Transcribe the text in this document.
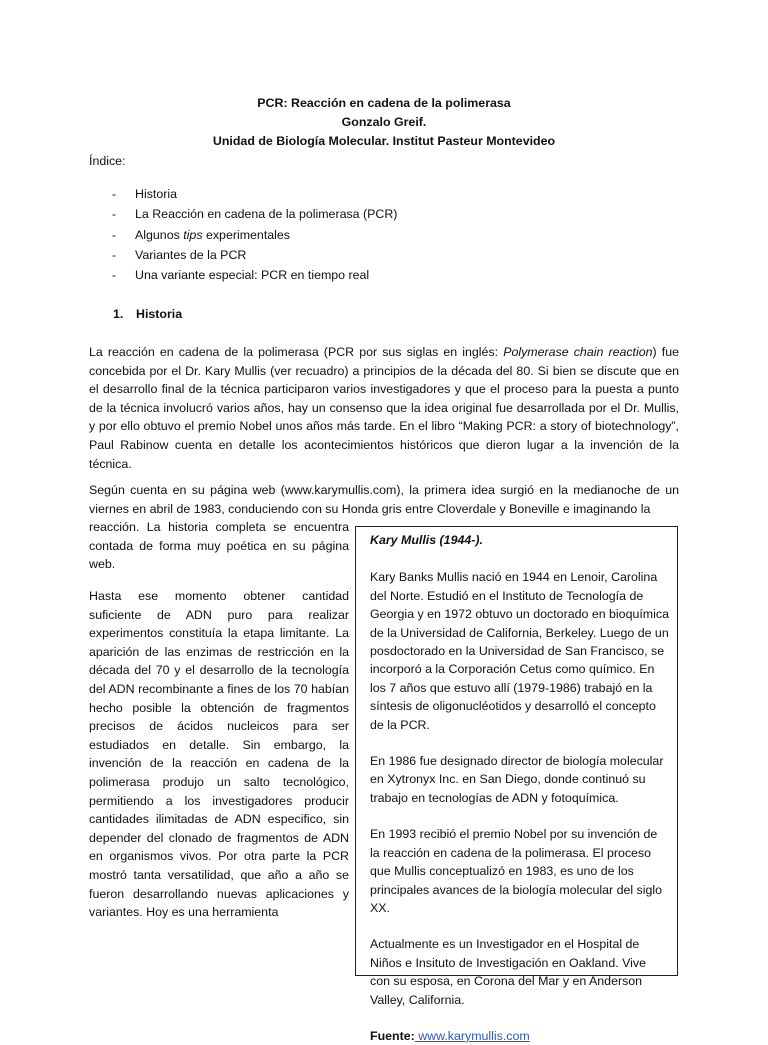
PCR: Reacción en cadena de la polimerasa
Gonzalo Greif.
Unidad de Biología Molecular. Institut Pasteur Montevideo
Índice:
- Historia
- La Reacción en cadena de la polimerasa (PCR)
- Algunos tips experimentales
- Variantes de la PCR
- Una variante especial: PCR en tiempo real
1. Historia

La reacción en cadena de la polimerasa (PCR por sus siglas en inglés: Polymerase chain reaction) fue concebida por el Dr. Kary Mullis (ver recuadro) a principios de la década del 80. Si bien se discute que en el desarrollo final de la técnica participaron varios investigadores y que el proceso para la puesta a punto de la técnica involucró varios años, hay un consenso que la idea original fue desarrollada por el Dr. Mullis, y por ello obtuvo el premio Nobel unos años más tarde. En el libro “Making PCR: a story of biotechnology”, Paul Rabinow cuenta en detalle los acontecimientos históricos que dieron lugar a la invención de la técnica.

Según cuenta en su página web (www.karymullis.com), la primera idea surgió en la medianoche de un viernes en abril de 1983, conduciendo con su Honda gris entre Cloverdale y Boneville e imaginando la

reacción. La historia completa se encuentra contada de forma muy poética en su página web.

Hasta ese momento obtener cantidad suficiente de ADN puro para realizar experimentos constituía la etapa limitante. La aparición de las enzimas de restricción en la década del 70 y el desarrollo de la tecnología del ADN recombinante a fines de los 70 habían hecho posible la obtención de fragmentos precisos de ácidos nucleicos para ser estudiados en detalle. Sin embargo, la invención de la reacción en cadena de la polimerasa produjo un salto tecnológico, permitiendo a los investigadores producir cantidades ilimitadas de ADN especifico, sin depender del clonado de fragmentos de ADN en organismos vivos. Por otra parte la PCR mostró tanta versatilidad, que año a año se fueron desarrollando nuevas aplicaciones y variantes. Hoy es una herramienta

Kary Mullis (1944-).

Kary Banks Mullis nació en 1944 en Lenoir, Carolina del Norte. Estudió en el Instituto de Tecnología de Georgia y en 1972 obtuvo un doctorado en bioquímica de la Universidad de California, Berkeley. Luego de un posdoctorado en la Universidad de San Francisco, se incorporó a la Corporación Cetus como químico. En los 7 años que estuvo allí (1979-1986) trabajó en la síntesis de oligonucléotidos y desarrolló el concepto de la PCR.

En 1986 fue designado director de biología molecular en Xytronyx Inc. en San Diego, donde continuó su trabajo en tecnologías de ADN y fotoquímica.

En 1993 recibió el premio Nobel por su invención de la reacción en cadena de la polimerasa. El proceso que Mullis conceptualizó en 1983, es uno de los principales avances de la biología molecular del siglo XX.

Actualmente es un Investigador en el Hospital de Niños e Insituto de Investigación en Oakland. Vive con su esposa, en Corona del Mar y en Anderson Valley, California.

Fuente: www.karymullis.com
